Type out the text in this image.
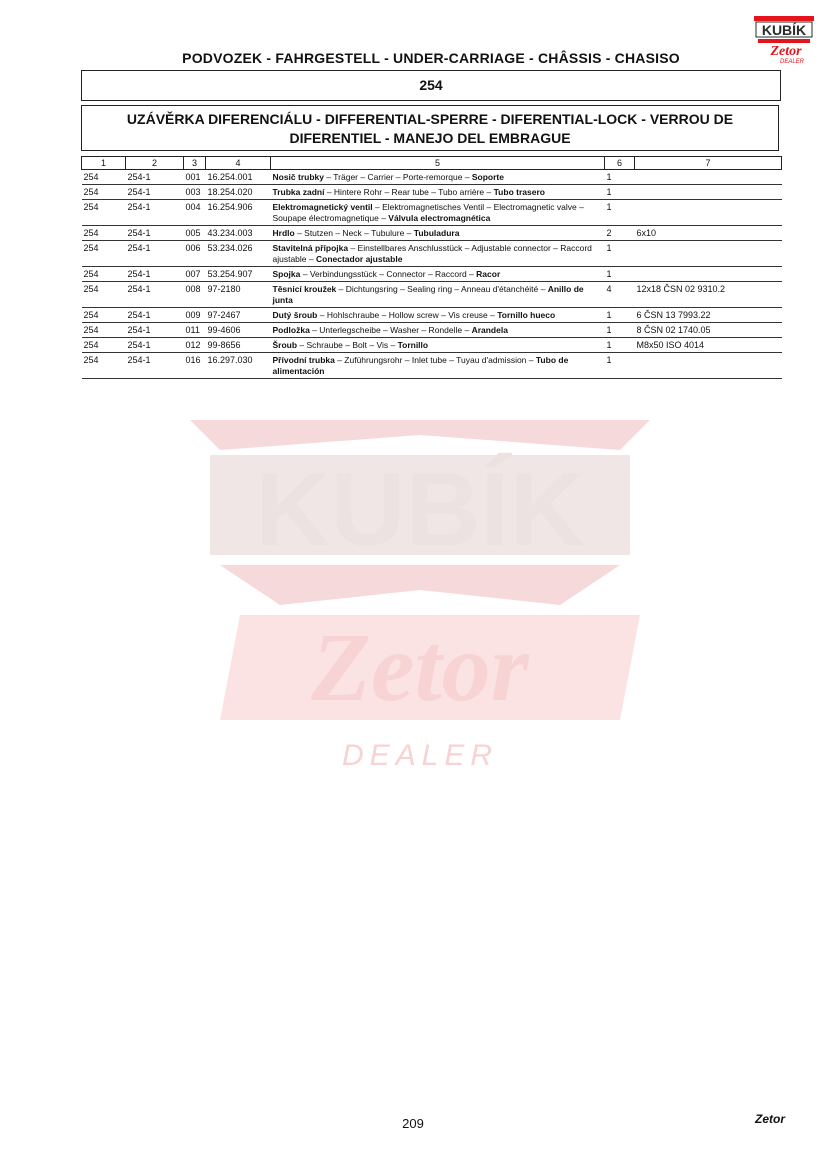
KUBÍK
Zetor
DEALER
KUBÍK
Zetor
DEALER
PODVOZEK - FAHRGESTELL - UNDER-CARRIAGE - CHÂSSIS - CHASISO
254
UZÁVĚRKA DIFERENCIÁLU - DIFFERENTIAL-SPERRE - DIFERENTIAL-LOCK - VERROU DE
DIFERENTIEL - MANEJO DEL EMBRAGUE
1	2	3	4	5	6	7
254	254-1	001	16.254.001	Nosič trubky – Träger – Carrier – Porte-remorque – Soporte	1	
254	254-1	003	18.254.020	Trubka zadní – Hintere Rohr – Rear tube – Tubo arrière – Tubo trasero	1	
254	254-1	004	16.254.906	Elektromagnetický ventil – Elektromagnetisches Ventil – Electromagnetic valve – Soupape électromagnetique – Válvula electromagnética	1	
254	254-1	005	43.234.003	Hrdlo – Stutzen – Neck – Tubulure – Tubuladura	2	6x10
254	254-1	006	53.234.026	Stavitelná přípojka – Einstellbares Anschlusstück – Adjustable connector – Raccord ajustable – Conectador ajustable	1	
254	254-1	007	53.254.907	Spojka – Verbindungsstück – Connector – Raccord – Racor	1	
254	254-1	008	97-2180	Těsnicí kroužek – Dichtungsring – Sealing ring – Anneau d'étanchéité – Anillo de junta	4	12x18 ČSN 02 9310.2
254	254-1	009	97-2467	Dutý šroub – Hohlschraube – Hollow screw – Vis creuse – Tornillo hueco	1	6 ČSN 13 7993.22
254	254-1	011	99-4606	Podložka – Unterlegscheibe – Washer – Rondelle – Arandela	1	8 ČSN 02 1740.05
254	254-1	012	99-8656	Šroub – Schraube – Bolt – Vis – Tornillo	1	M8x50 ISO 4014
254	254-1	016	16.297.030	Přívodní trubka – Zuführungsrohr – Inlet tube – Tuyau d'admission – Tubo de alimentación	1	
209	Zetor
